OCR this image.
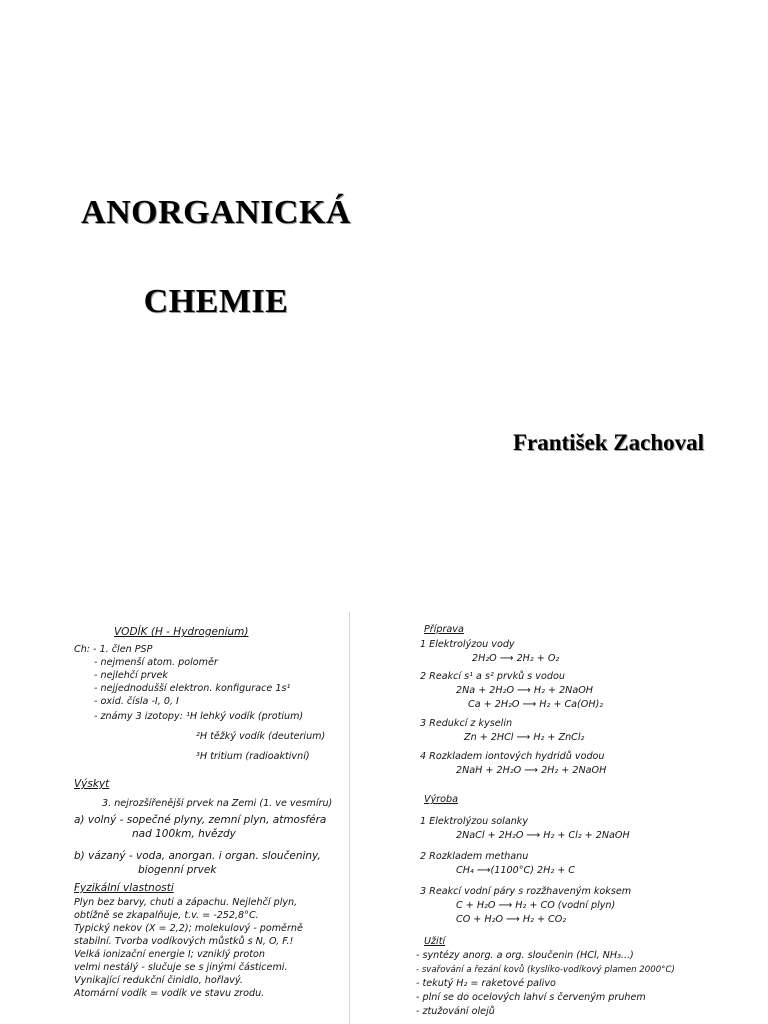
ANORGANICKÁ
CHEMIE

František Zachoval

VODÍK (H - Hydrogenium)
Ch: - 1. člen PSP
- nejmenší atom. poloměr
- nejlehčí prvek
- nejjednodušší elektron. konfigurace 1s¹
- oxid. čísla -I, 0, I
- známy 3 izotopy: ¹H lehký vodík (protium)
²H těžký vodík (deuterium)
³H tritium (radioaktivní)
Výskyt
3. nejrozšířenější prvek na Zemi (1. ve vesmíru)
a) volný - sopečné plyny, zemní plyn, atmosféra
nad 100km, hvězdy
b) vázaný - voda, anorgan. i organ. sloučeniny,
biogenní prvek
Fyzikální vlastnosti
Plyn bez barvy, chuti a zápachu. Nejlehčí plyn,
obtížně se zkapalňuje, t.v. = -252,8°C.
Typický nekov (X = 2,2); molekulový - poměrně
stabilní. Tvorba vodíkových můstků s N, O, F.!
Velká ionizační energie I; vzniklý proton
velmi nestálý - slučuje se s jinými částicemi.
Vynikající redukční činidlo, hořlavý.
Atomární vodík = vodík ve stavu zrodu.
Příprava
1 Elektrolýzou vody
2H₂O ⟶ 2H₂ + O₂
2 Reakcí s¹ a s² prvků s vodou
2Na + 2H₂O ⟶ H₂ + 2NaOH
Ca + 2H₂O ⟶ H₂ + Ca(OH)₂
3 Redukcí z kyselin
Zn + 2HCl ⟶ H₂ + ZnCl₂
4 Rozkladem iontových hydridů vodou
2NaH + 2H₂O ⟶ 2H₂ + 2NaOH
Výroba
1 Elektrolýzou solanky
2NaCl + 2H₂O ⟶ H₂ + Cl₂ + 2NaOH
2 Rozkladem methanu
CH₄ ⟶(1100°C) 2H₂ + C
3 Reakcí vodní páry s rozžhaveným koksem
C + H₂O ⟶ H₂ + CO (vodní plyn)
CO + H₂O ⟶ H₂ + CO₂
Užití
- syntézy anorg. a org. sloučenin (HCl, NH₃...)
- svařování a řezání kovů (kyslíko-vodíkový plamen 2000°C)
- tekutý H₂ = raketové palivo
- plní se do ocelových lahví s červeným pruhem
- ztužování olejů
